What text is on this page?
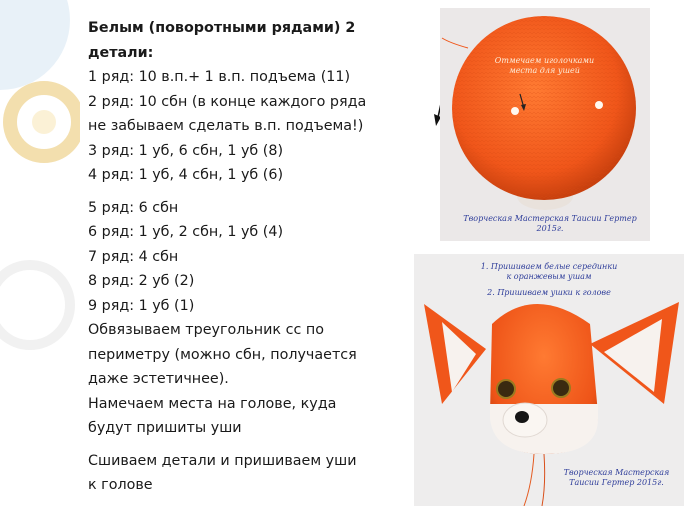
Белым (поворотными рядами) 2

детали:

1 ряд: 10 в.п.+ 1 в.п. подъема (11)

2 ряд: 10 сбн (в конце каждого ряда

не забываем сделать в.п. подъема!)

3 ряд: 1 уб, 6 сбн, 1 уб (8)

4 ряд: 1 уб, 4 сбн, 1 уб (6)

5 ряд: 6 сбн

6 ряд: 1 уб, 2 сбн, 1 уб (4)

7 ряд: 4 сбн

8 ряд: 2 уб (2)

9 ряд: 1 уб (1)

Обвязываем треугольник сс по

периметру (можно сбн, получается

даже эстетичнее).

Намечаем места на голове, куда

будут пришиты уши

Сшиваем детали и пришиваем уши

к голове

Отмечаем иголочками
места для ушей
Творческая Мастерская Таисии Гертер
2015г.
1. Пришиваем белые серединки
к оранжевым ушам
2. Пришиваем ушки к голове
Творческая Мастерская
Таисии Гертер 2015г.
